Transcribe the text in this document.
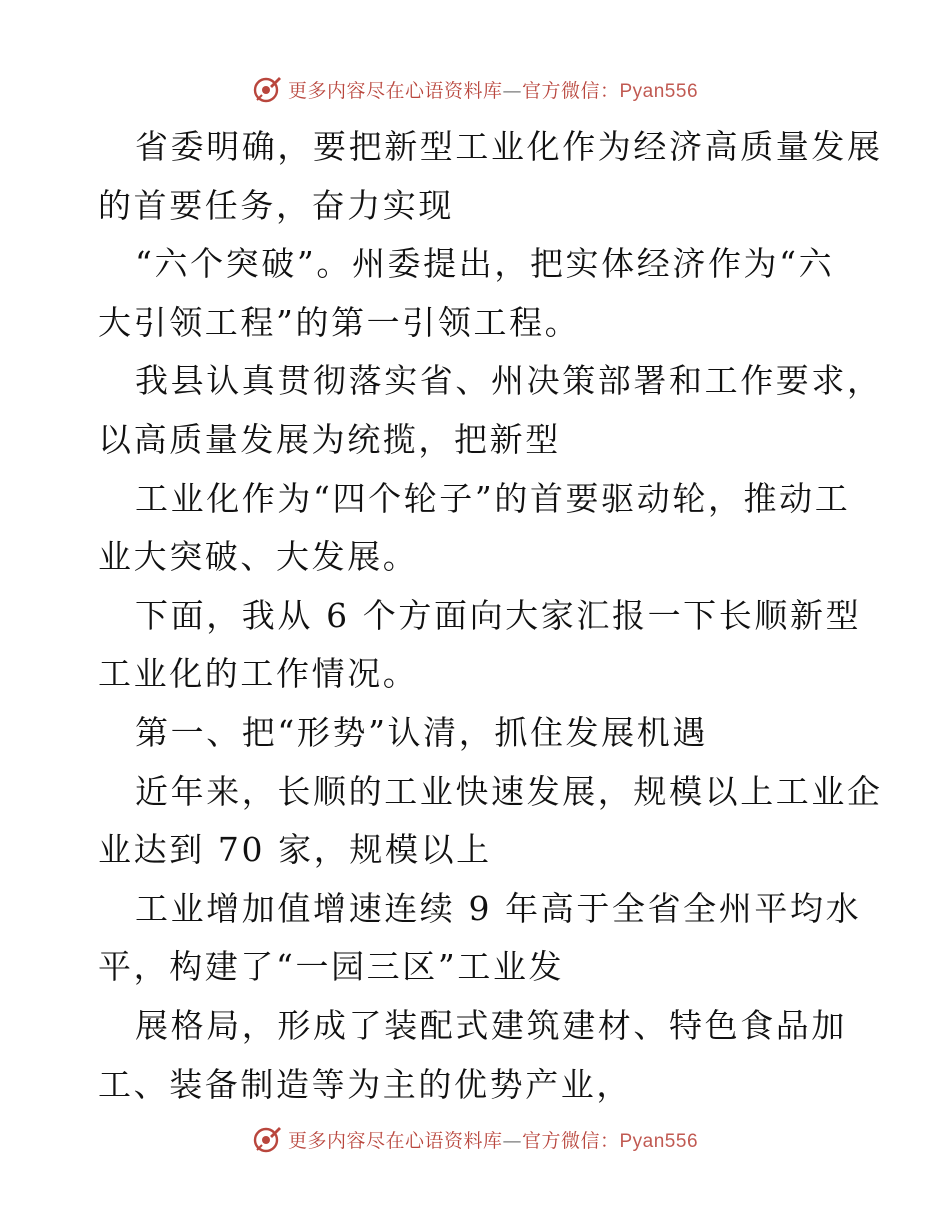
更多内容尽在心语资料库—官方微信：Pyan556
省委明确，要把新型工业化作为经济高质量发展
的首要任务，奋力实现
“六个突破”。州委提出，把实体经济作为“六
大引领工程”的第一引领工程。
我县认真贯彻落实省、州决策部署和工作要求，
以高质量发展为统揽，把新型
工业化作为“四个轮子”的首要驱动轮，推动工
业大突破、大发展。
下面，我从 6 个方面向大家汇报一下长顺新型
工业化的工作情况。
第一、把“形势”认清，抓住发展机遇
近年来，长顺的工业快速发展，规模以上工业企
业达到 70 家，规模以上
工业增加值增速连续 9 年高于全省全州平均水
平，构建了“一园三区”工业发
展格局，形成了装配式建筑建材、特色食品加
工、装备制造等为主的优势产业，
更多内容尽在心语资料库—官方微信：Pyan556
